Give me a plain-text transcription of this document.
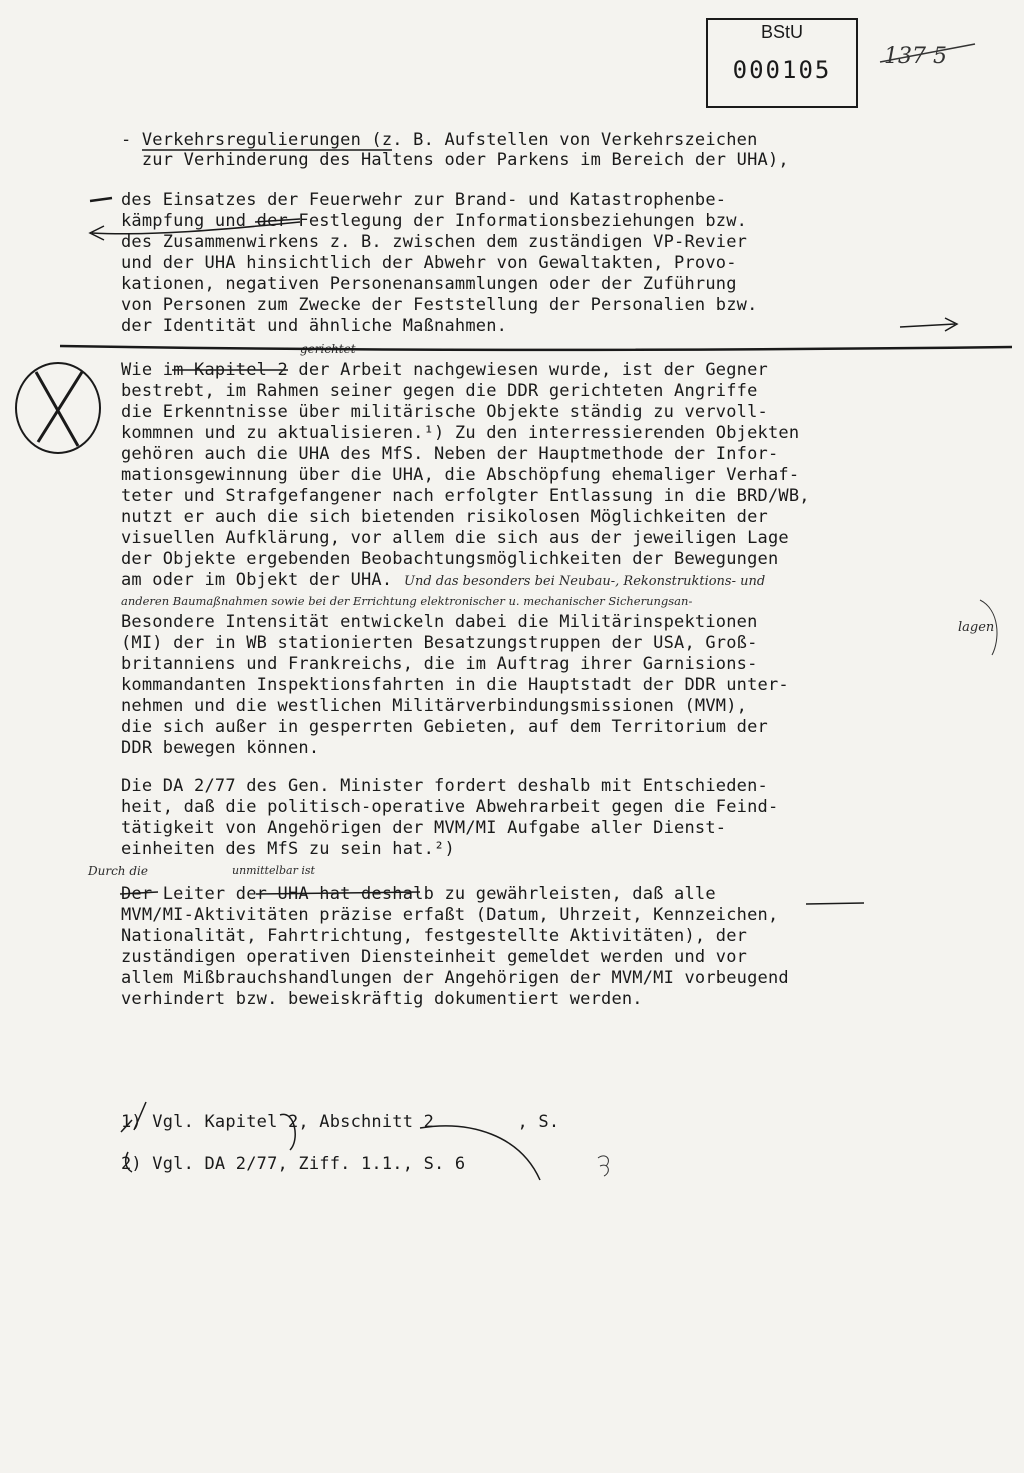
BStU
000105	137 5
- Verkehrsregulierungen (z. B. Aufstellen von Verkehrszeichen
zur Verhinderung des Haltens oder Parkens im Bereich der UHA),
des Einsatzes der Feuerwehr zur Brand- und Katastrophenbe-
kämpfung und der Festlegung der Informationsbeziehungen bzw.
des Zusammenwirkens z. B. zwischen dem zuständigen VP-Revier
und der UHA hinsichtlich der Abwehr von Gewaltakten, Provo-
kationen, negativen Personenansammlungen oder der Zuführung
von Personen zum Zwecke der Feststellung der Personalien bzw.
der Identität und ähnliche Maßnahmen.
Wie im Kapitel 2 der Arbeit nachgewiesen wurde, ist der Gegner
bestrebt, im Rahmen seiner gegen die DDR gerichteten Angriffe
die Erkenntnisse über militärische Objekte ständig zu vervoll-
kommnen und zu aktualisieren.¹) Zu den interressierenden Objekten
gehören auch die UHA des MfS. Neben der Hauptmethode der Infor-
mationsgewinnung über die UHA, die Abschöpfung ehemaliger Verhaf-
teter und Strafgefangener nach erfolgter Entlassung in die BRD/WB,
nutzt er auch die sich bietenden risikolosen Möglichkeiten der
visuellen Aufklärung, vor allem die sich aus der jeweiligen Lage
der Objekte ergebenden Beobachtungsmöglichkeiten der Bewegungen
am oder im Objekt der UHA.
Besondere Intensität entwickeln dabei die Militärinspektionen
(MI) der in WB stationierten Besatzungstruppen der USA, Groß-
britanniens und Frankreichs, die im Auftrag ihrer Garnisions-
kommandanten Inspektionsfahrten in die Hauptstadt der DDR unter-
nehmen und die westlichen Militärverbindungsmissionen (MVM),
die sich außer in gesperrten Gebieten, auf dem Territorium der
DDR bewegen können.
Die DA 2/77 des Gen. Minister fordert deshalb mit Entschieden-
heit, daß die politisch-operative Abwehrarbeit gegen die Feind-
tätigkeit von Angehörigen der MVM/MI Aufgabe aller Dienst-
einheiten des MfS zu sein hat.²)
Der Leiter der UHA hat deshalb zu gewährleisten, daß alle
MVM/MI-Aktivitäten präzise erfaßt (Datum, Uhrzeit, Kennzeichen,
Nationalität, Fahrtrichtung, festgestellte Aktivitäten), der
zuständigen operativen Diensteinheit gemeldet werden und vor
allem Mißbrauchshandlungen der Angehörigen der MVM/MI vorbeugend
verhindert bzw. beweiskräftig dokumentiert werden.
1) Vgl. Kapitel 2, Abschnitt 2        , S.
2) Vgl. DA 2/77, Ziff. 1.1., S. 6
gerichtet
Und das besonders bei Neubau-, Rekonstruktions- und
anderen Baumaßnahmen sowie bei der Errichtung elektronischer u. mechanischer Sicherungsan-
lagen
Durch die	unmittelbar ist
